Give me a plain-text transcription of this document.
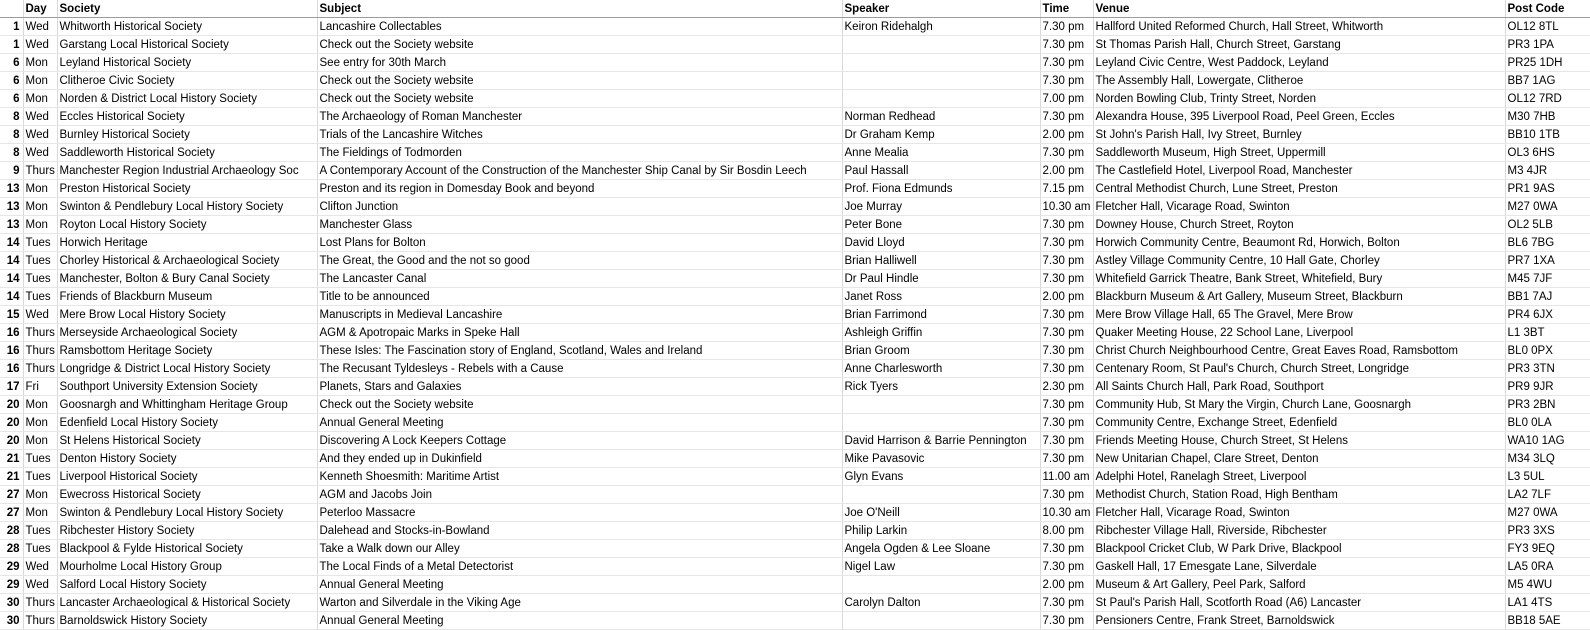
	Day	Society	Subject	Speaker	Time	Venue	Post Code
1	Wed	Whitworth Historical Society	Lancashire Collectables	Keiron Ridehalgh	7.30 pm	Hallford United Reformed Church, Hall Street, Whitworth	OL12 8TL
1	Wed	Garstang Local Historical Society	Check out the Society website		7.30 pm	St Thomas Parish Hall, Church Street, Garstang	PR3 1PA
6	Mon	Leyland Historical Society	See entry for 30th March		7.30 pm	Leyland Civic Centre, West Paddock, Leyland	PR25 1DH
6	Mon	Clitheroe Civic Society	Check out the Society website		7.30 pm	The Assembly Hall, Lowergate, Clitheroe	BB7 1AG
6	Mon	Norden & District Local History Society	Check out the Society website		7.00 pm	Norden Bowling Club, Trinty Street, Norden	OL12 7RD
8	Wed	Eccles Historical Society	The Archaeology of Roman Manchester	Norman Redhead	7.30 pm	Alexandra House, 395 Liverpool Road, Peel Green, Eccles	M30 7HB
8	Wed	Burnley Historical Society	Trials of the Lancashire Witches	Dr Graham Kemp	2.00 pm	St John's Parish Hall, Ivy Street, Burnley	BB10 1TB
8	Wed	Saddleworth Historical Society	The Fieldings of Todmorden	Anne Mealia	7.30 pm	Saddleworth Museum, High Street, Uppermill	OL3 6HS
9	Thurs	Manchester Region Industrial Archaeology Soc	A Contemporary Account of the Construction of the Manchester Ship Canal by Sir Bosdin Leech	Paul Hassall	2.00 pm	The Castlefield Hotel, Liverpool Road, Manchester	M3 4JR
13	Mon	Preston Historical Society	Preston and its region in Domesday Book and beyond	Prof. Fiona Edmunds	7.15 pm	Central Methodist Church, Lune Street, Preston	PR1 9AS
13	Mon	Swinton & Pendlebury Local History Society	Clifton Junction	Joe Murray	10.30 am	Fletcher Hall, Vicarage Road, Swinton	M27 0WA
13	Mon	Royton Local History Society	Manchester Glass	Peter Bone	7.30 pm	Downey House, Church Street, Royton	OL2 5LB
14	Tues	Horwich Heritage	Lost Plans for Bolton	David Lloyd	7.30 pm	Horwich Community Centre, Beaumont Rd, Horwich, Bolton	BL6 7BG
14	Tues	Chorley Historical & Archaeological Society	The Great, the Good and the not so good	Brian Halliwell	7.30 pm	Astley Village Community Centre, 10 Hall Gate, Chorley	PR7 1XA
14	Tues	Manchester, Bolton & Bury Canal Society	The Lancaster Canal	Dr Paul Hindle	7.30 pm	Whitefield Garrick Theatre, Bank Street, Whitefield, Bury	M45 7JF
14	Tues	Friends of Blackburn Museum	Title to be announced	Janet Ross	2.00 pm	Blackburn Museum & Art Gallery, Museum Street, Blackburn	BB1 7AJ
15	Wed	Mere Brow Local History Society	Manuscripts in Medieval Lancashire	Brian Farrimond	7.30 pm	Mere Brow Village Hall, 65 The Gravel, Mere Brow	PR4 6JX
16	Thurs	Merseyside Archaeological Society	AGM & Apotropaic Marks in Speke Hall	Ashleigh Griffin	7.30 pm	Quaker Meeting House, 22 School Lane, Liverpool	L1 3BT
16	Thurs	Ramsbottom Heritage Society	These Isles: The Fascination story of England, Scotland, Wales and Ireland	Brian Groom	7.30 pm	Christ Church Neighbourhood Centre, Great Eaves Road, Ramsbottom	BL0 0PX
16	Thurs	Longridge & District Local History Society	The Recusant Tyldesleys - Rebels with a Cause	Anne Charlesworth	7.30 pm	Centenary Room, St Paul's Church, Church Street, Longridge	PR3 3TN
17	Fri	Southport University Extension Society	Planets, Stars and Galaxies	Rick Tyers	2.30 pm	All Saints Church Hall, Park Road, Southport	PR9 9JR
20	Mon	Goosnargh and Whittingham Heritage Group	Check out the Society website		7.30 pm	Community Hub, St Mary the Virgin, Church Lane, Goosnargh	PR3 2BN
20	Mon	Edenfield Local History Society	Annual General Meeting		7.30 pm	Community Centre, Exchange Street, Edenfield	BL0 0LA
20	Mon	St Helens Historical Society	Discovering A Lock Keepers Cottage	David Harrison & Barrie Pennington	7.30 pm	Friends Meeting House, Church Street, St Helens	WA10 1AG
21	Tues	Denton History Society	And they ended up in Dukinfield	Mike Pavasovic	7.30 pm	New Unitarian Chapel, Clare Street, Denton	M34 3LQ
21	Tues	Liverpool Historical Society	Kenneth Shoesmith: Maritime Artist	Glyn Evans	11.00 am	Adelphi Hotel, Ranelagh Street, Liverpool	L3 5UL
27	Mon	Ewecross Historical Society	AGM and Jacobs Join		7.30 pm	Methodist Church, Station Road, High Bentham	LA2 7LF
27	Mon	Swinton & Pendlebury Local History Society	Peterloo Massacre	Joe O'Neill	10.30 am	Fletcher Hall, Vicarage Road, Swinton	M27 0WA
28	Tues	Ribchester History Society	Dalehead and Stocks-in-Bowland	Philip Larkin	8.00 pm	Ribchester Village Hall, Riverside, Ribchester	PR3 3XS
28	Tues	Blackpool & Fylde Historical Society	Take a Walk down our Alley	Angela Ogden & Lee Sloane	7.30 pm	Blackpool Cricket Club, W Park Drive, Blackpool	FY3 9EQ
29	Wed	Mourholme Local History Group	The Local Finds of a Metal Detectorist	Nigel Law	7.30 pm	Gaskell Hall, 17 Emesgate Lane, Silverdale	LA5 0RA
29	Wed	Salford Local History Society	Annual General Meeting		2.00 pm	Museum & Art Gallery, Peel Park, Salford	M5 4WU
30	Thurs	Lancaster Archaeological & Historical Society	Warton and Silverdale in the Viking Age	Carolyn Dalton	7.30 pm	St Paul's Parish Hall, Scotforth Road (A6) Lancaster	LA1 4TS
30	Thurs	Barnoldswick History Society	Annual General Meeting		7.30 pm	Pensioners Centre, Frank Street, Barnoldswick	BB18 5AE
